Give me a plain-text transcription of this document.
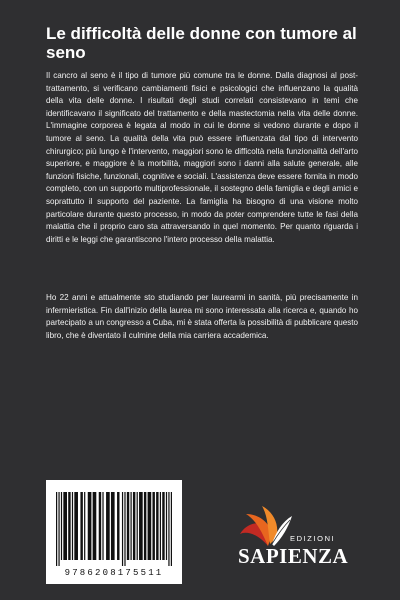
Le difficoltà delle donne con tumore al seno

Il cancro al seno è il tipo di tumore più comune tra le donne. Dalla diagnosi al post-trattamento, si verificano cambiamenti fisici e psicologici che influenzano la qualità della vita delle donne. I risultati degli studi correlati consistevano in temi che identificavano il significato del trattamento e della mastectomia nella vita delle donne. L'immagine corporea è legata al modo in cui le donne si vedono durante e dopo il tumore al seno. La qualità della vita può essere influenzata dal tipo di intervento chirurgico; più lungo è l'intervento, maggiori sono le difficoltà nella funzionalità dell'arto superiore, e maggiore è la morbilità, maggiori sono i danni alla salute generale, alle funzioni fisiche, funzionali, cognitive e sociali. L'assistenza deve essere fornita in modo completo, con un supporto multiprofessionale, il sostegno della famiglia e degli amici e soprattutto il supporto del paziente. La famiglia ha bisogno di una visione molto particolare durante questo processo, in modo da poter comprendere tutte le fasi della malattia che il proprio caro sta attraversando in quel momento. Per quanto riguarda i diritti e le leggi che garantiscono l'intero processo della malattia.

Ho 22 anni e attualmente sto studiando per laurearmi in sanità, più precisamente in infermieristica. Fin dall'inizio della laurea mi sono interessata alla ricerca e, quando ho partecipato a un congresso a Cuba, mi è stata offerta la possibilità di pubblicare questo libro, che è diventato il culmine della mia carriera accademica.

9786208175511
EDIZIONI
SAPIENZA
